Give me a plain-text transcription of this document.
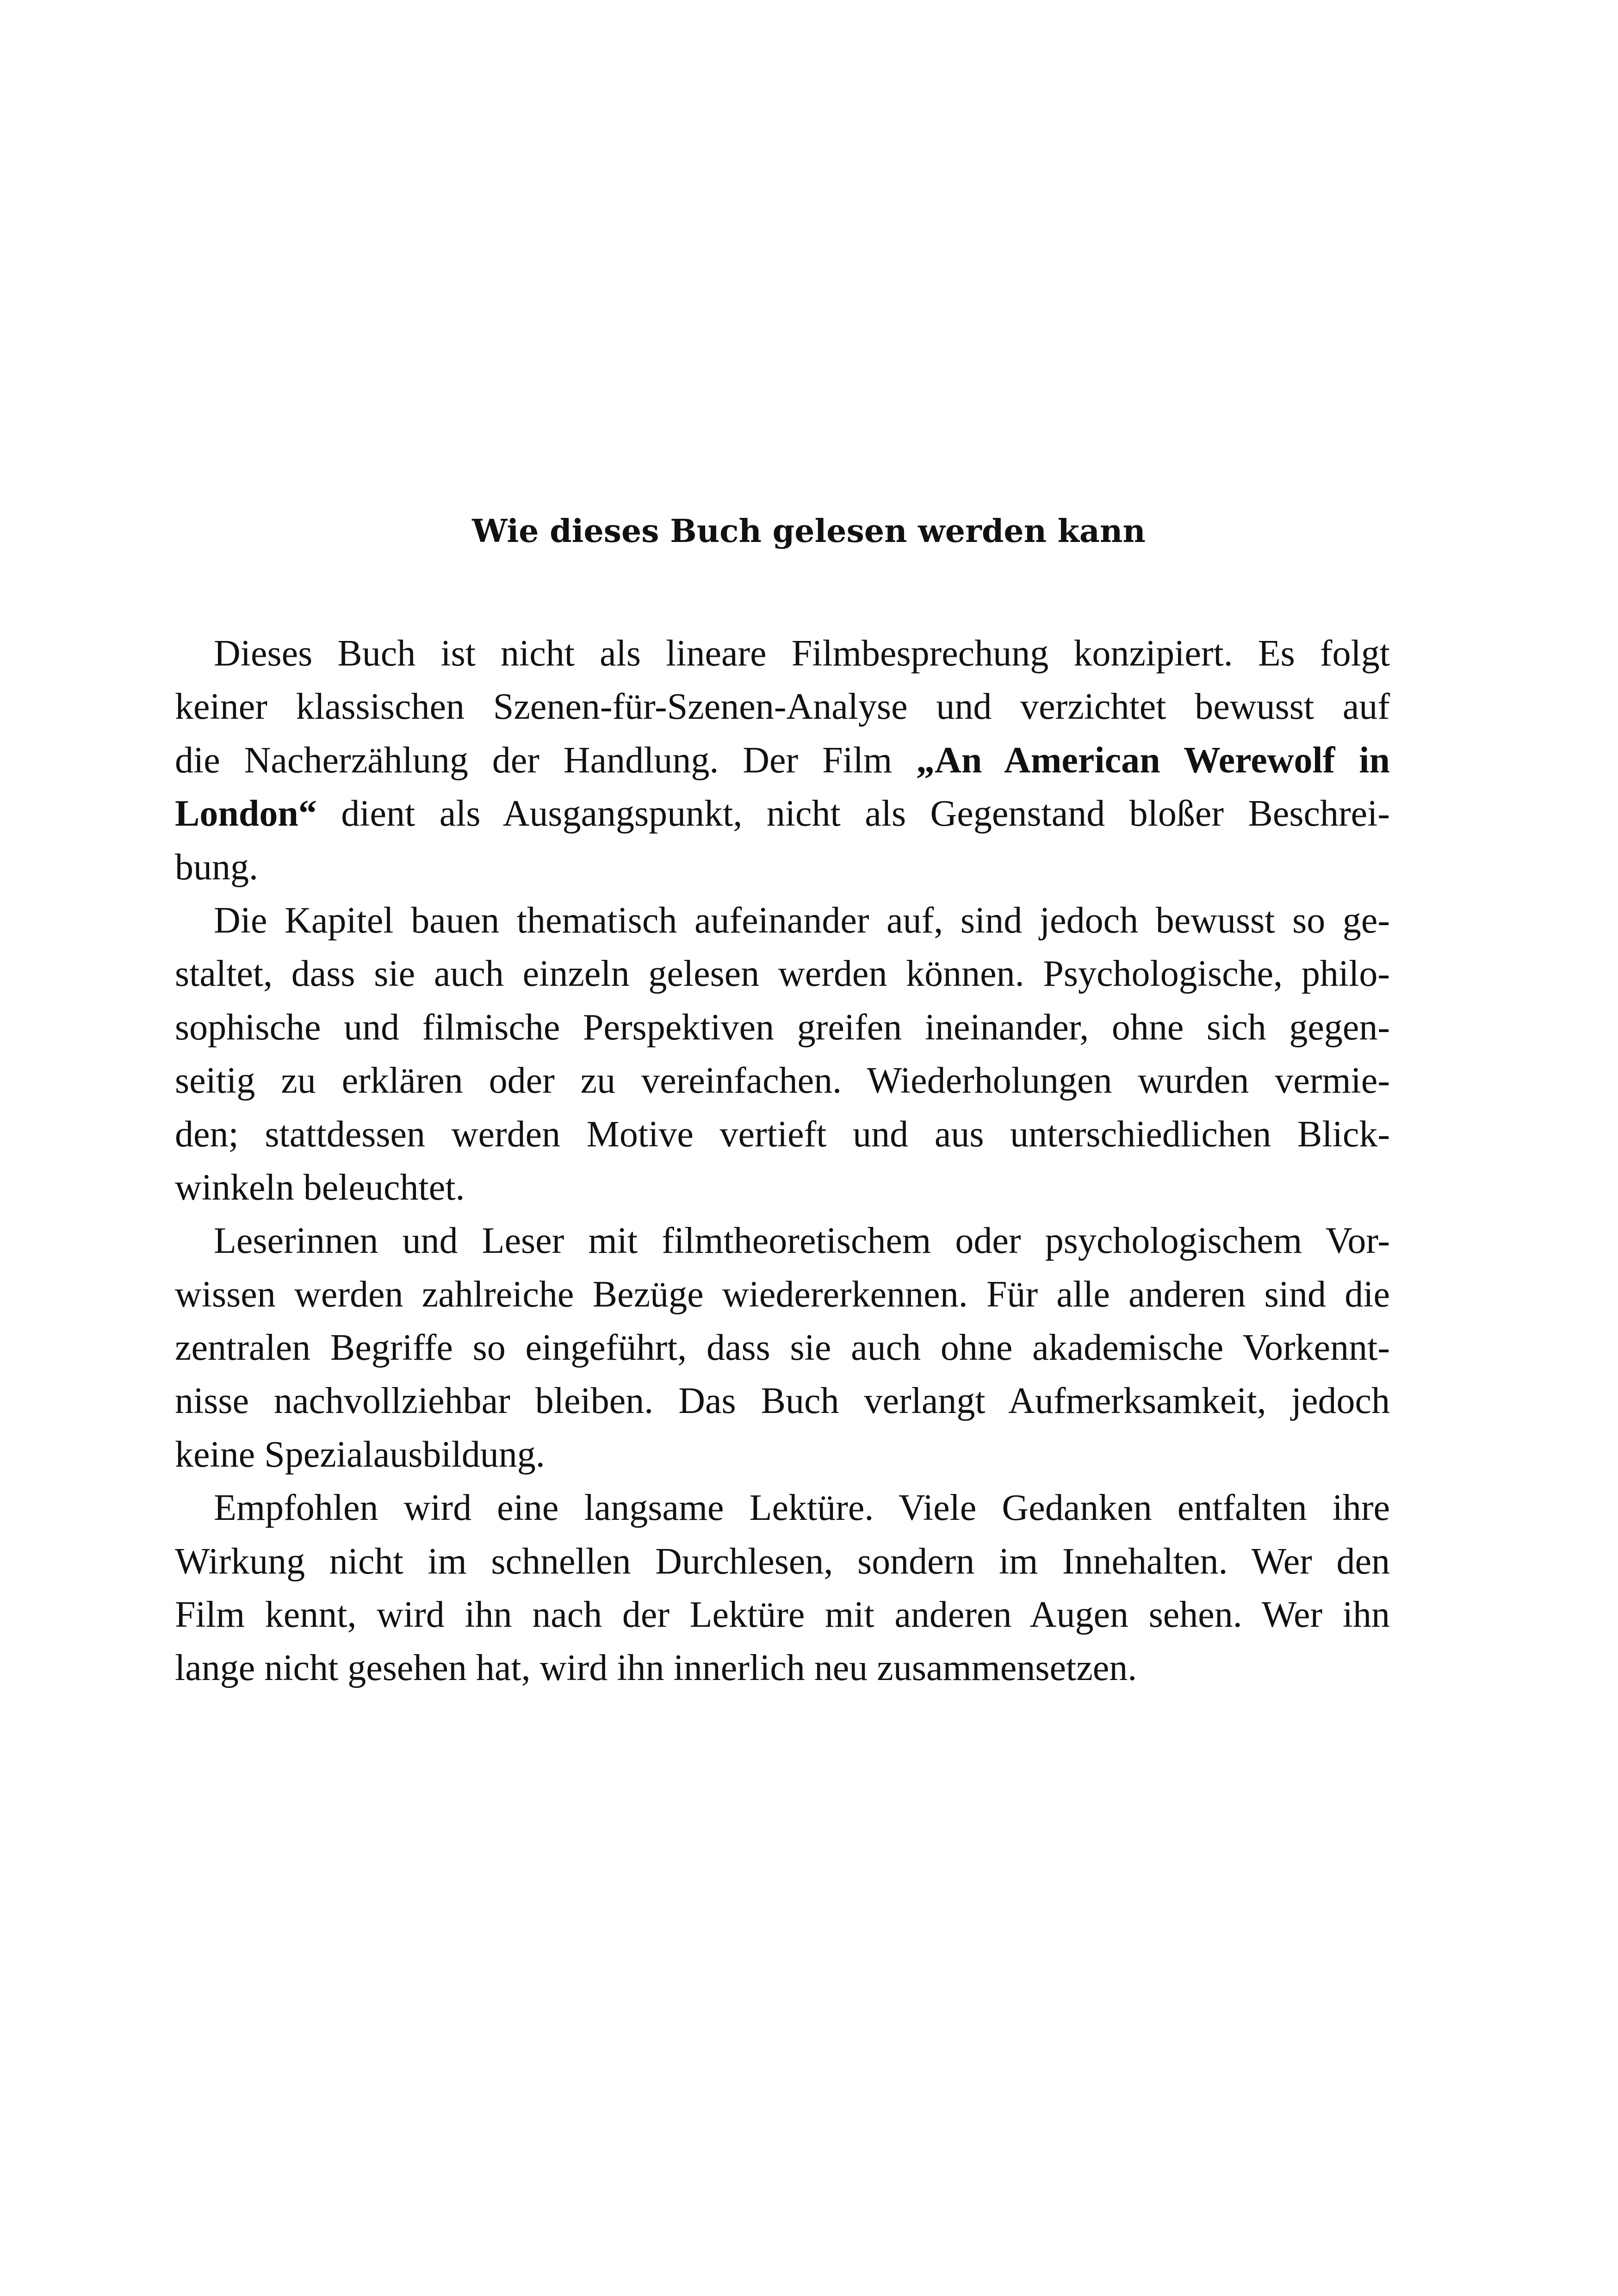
Wie dieses Buch gelesen werden kann
Dieses Buch ist nicht als lineare Filmbesprechung konzipiert. Es folgt
keiner klassischen Szenen-für-Szenen-Analyse und verzichtet bewusst auf
die Nacherzählung der Handlung. Der Film „An American Werewolf in
London“ dient als Ausgangspunkt, nicht als Gegenstand bloßer Beschrei-
bung.
Die Kapitel bauen thematisch aufeinander auf, sind jedoch bewusst so ge-
staltet, dass sie auch einzeln gelesen werden können. Psychologische, philo-
sophische und filmische Perspektiven greifen ineinander, ohne sich gegen-
seitig zu erklären oder zu vereinfachen. Wiederholungen wurden vermie-
den; stattdessen werden Motive vertieft und aus unterschiedlichen Blick-
winkeln beleuchtet.
Leserinnen und Leser mit filmtheoretischem oder psychologischem Vor-
wissen werden zahlreiche Bezüge wiedererkennen. Für alle anderen sind die
zentralen Begriffe so eingeführt, dass sie auch ohne akademische Vorkennt-
nisse nachvollziehbar bleiben. Das Buch verlangt Aufmerksamkeit, jedoch
keine Spezialausbildung.
Empfohlen wird eine langsame Lektüre. Viele Gedanken entfalten ihre
Wirkung nicht im schnellen Durchlesen, sondern im Innehalten. Wer den
Film kennt, wird ihn nach der Lektüre mit anderen Augen sehen. Wer ihn
lange nicht gesehen hat, wird ihn innerlich neu zusammensetzen.
